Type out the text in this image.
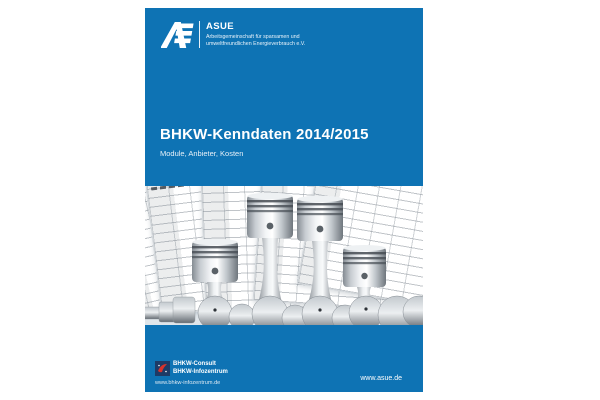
ASUE
Arbeitsgemeinschaft für sparsamen und
umweltfreundlichen Energieverbrauch e.V.
BHKW-Kenndaten 2014/2015
Module, Anbieter, Kosten
BHKW-Consult
BHKW-Infozentrum
www.bhkw-infozentrum.de
www.asue.de
